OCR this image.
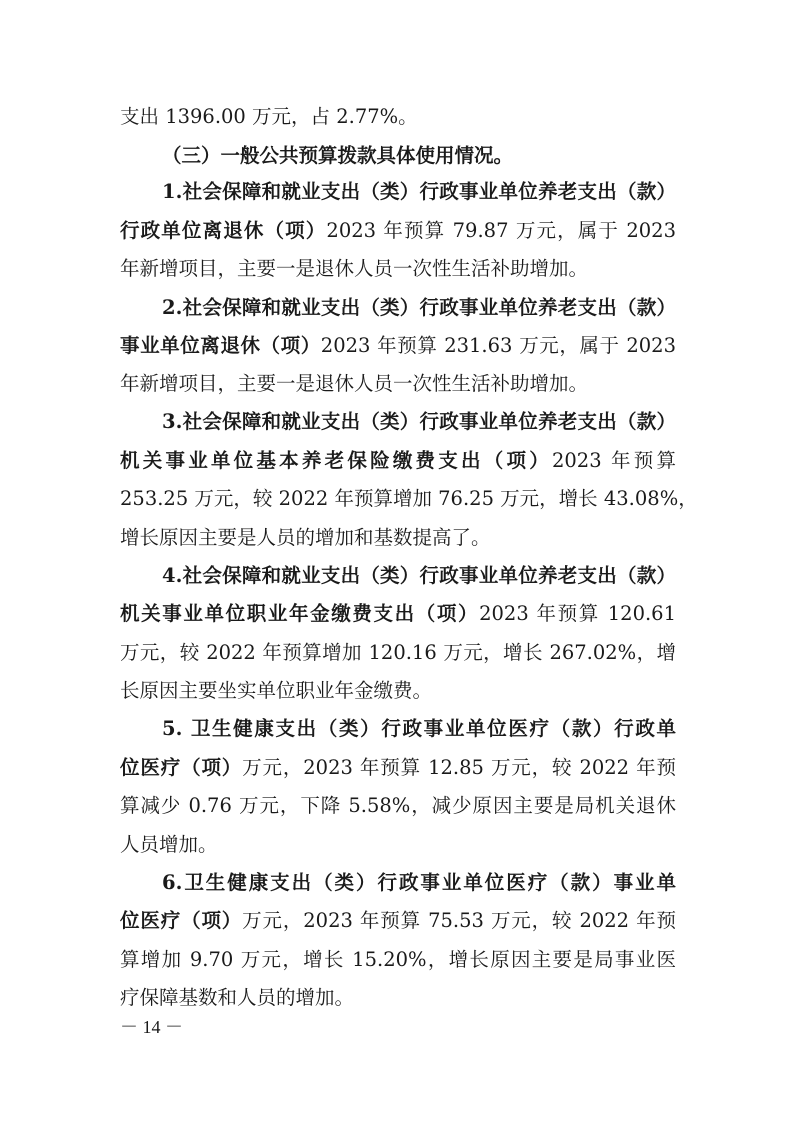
支出 1396.00 万元，占 2.77%。
（三）一般公共预算拨款具体使用情况。
1.社会保障和就业支出（类）行政事业单位养老支出（款）
行政单位离退休（项）2023 年预算 79.87 万元，属于 2023
年新增项目，主要一是退休人员一次性生活补助增加。
2.社会保障和就业支出（类）行政事业单位养老支出（款）
事业单位离退休（项）2023 年预算 231.63 万元，属于 2023
年新增项目，主要一是退休人员一次性生活补助增加。
3.社会保障和就业支出（类）行政事业单位养老支出（款）
机关事业单位基本养老保险缴费支出（项）2023 年预算
253.25 万元，较 2022 年预算增加 76.25 万元，增长 43.08%，
增长原因主要是人员的增加和基数提高了。
4.社会保障和就业支出（类）行政事业单位养老支出（款）
机关事业单位职业年金缴费支出（项）2023 年预算 120.61
万元，较 2022 年预算增加 120.16 万元，增长 267.02%，增
长原因主要坐实单位职业年金缴费。
5. 卫生健康支出（类）行政事业单位医疗（款）行政单
位医疗（项）万元，2023 年预算 12.85 万元，较 2022 年预
算减少 0.76 万元，下降 5.58%，减少原因主要是局机关退休
人员增加。
6.卫生健康支出（类）行政事业单位医疗（款）事业单
位医疗（项）万元，2023 年预算 75.53 万元，较 2022 年预
算增加 9.70 万元，增长 15.20%，增长原因主要是局事业医
疗保障基数和人员的增加。
－ 14 －
